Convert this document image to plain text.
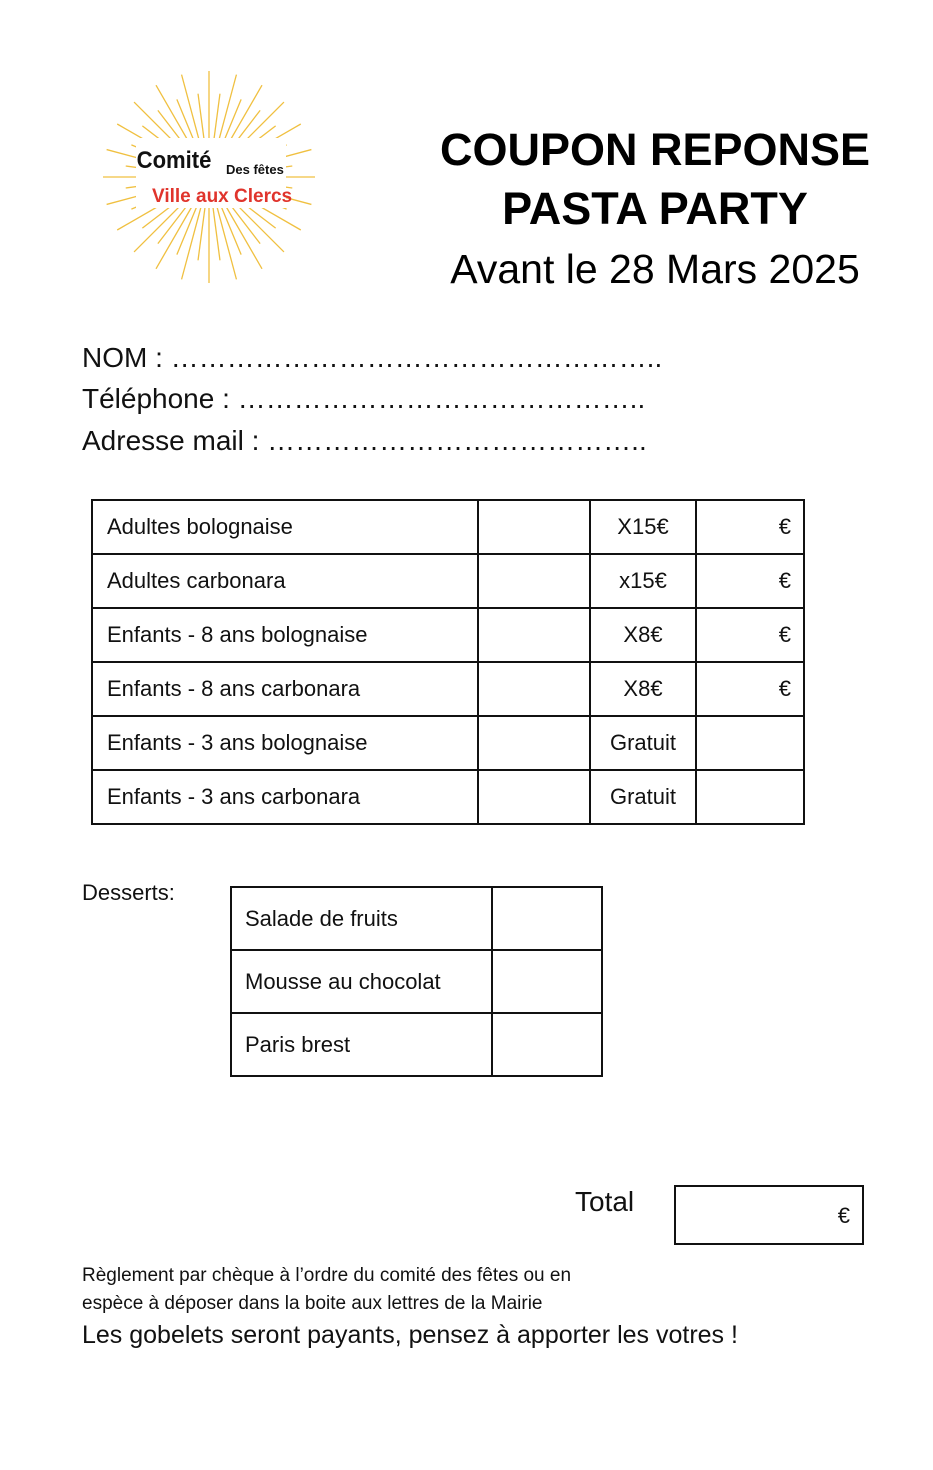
Comité Des fêtes
Ville aux Clercs
COUPON REPONSE
PASTA PARTY
Avant le 28 Mars 2025
NOM : ……………………………………………..
Téléphone : ……………………………………..
Adresse mail : …………………………………..
Adultes bolognaise		X15€	€
Adultes carbonara		x15€	€
Enfants - 8 ans bolognaise		X8€	€
Enfants - 8 ans carbonara		X8€	€
Enfants - 3 ans bolognaise		Gratuit	
Enfants - 3 ans carbonara		Gratuit	
Desserts:
Salade de fruits	
Mousse au chocolat	
Paris brest	
Total	€
Règlement par chèque à l’ordre du comité des fêtes ou en
espèce à déposer dans la boite aux lettres de la Mairie
Les gobelets seront payants, pensez à apporter les votres !
